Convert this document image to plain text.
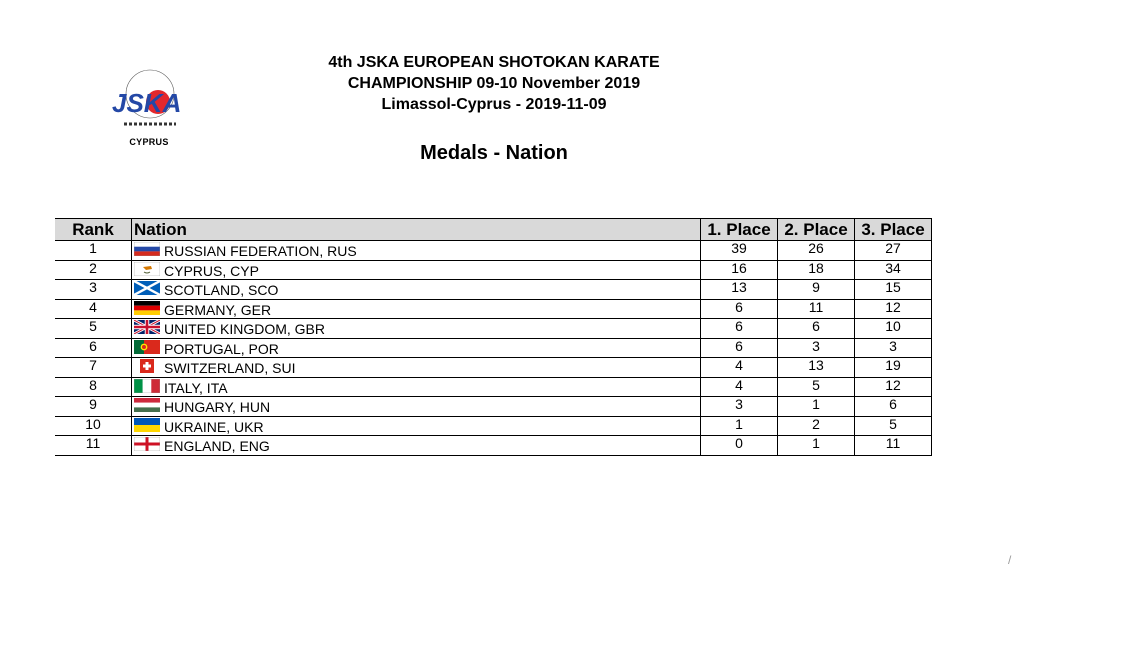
JSKA
CYPRUS
4th JSKA EUROPEAN SHOTOKAN KARATE
CHAMPIONSHIP 09-10 November 2019
Limassol-Cyprus - 2019-11-09
Medals - Nation
Rank	Nation	1. Place	2. Place	3. Place
1	RUSSIAN FEDERATION, RUS	39	26	27
2	CYPRUS, CYP	16	18	34
3	SCOTLAND, SCO	13	9	15
4	GERMANY, GER	6	11	12
5	UNITED KINGDOM, GBR	6	6	10
6	PORTUGAL, POR	6	3	3
7	SWITZERLAND, SUI	4	13	19
8	ITALY, ITA	4	5	12
9	HUNGARY, HUN	3	1	6
10	UKRAINE, UKR	1	2	5
11	ENGLAND, ENG	0	1	11
/
